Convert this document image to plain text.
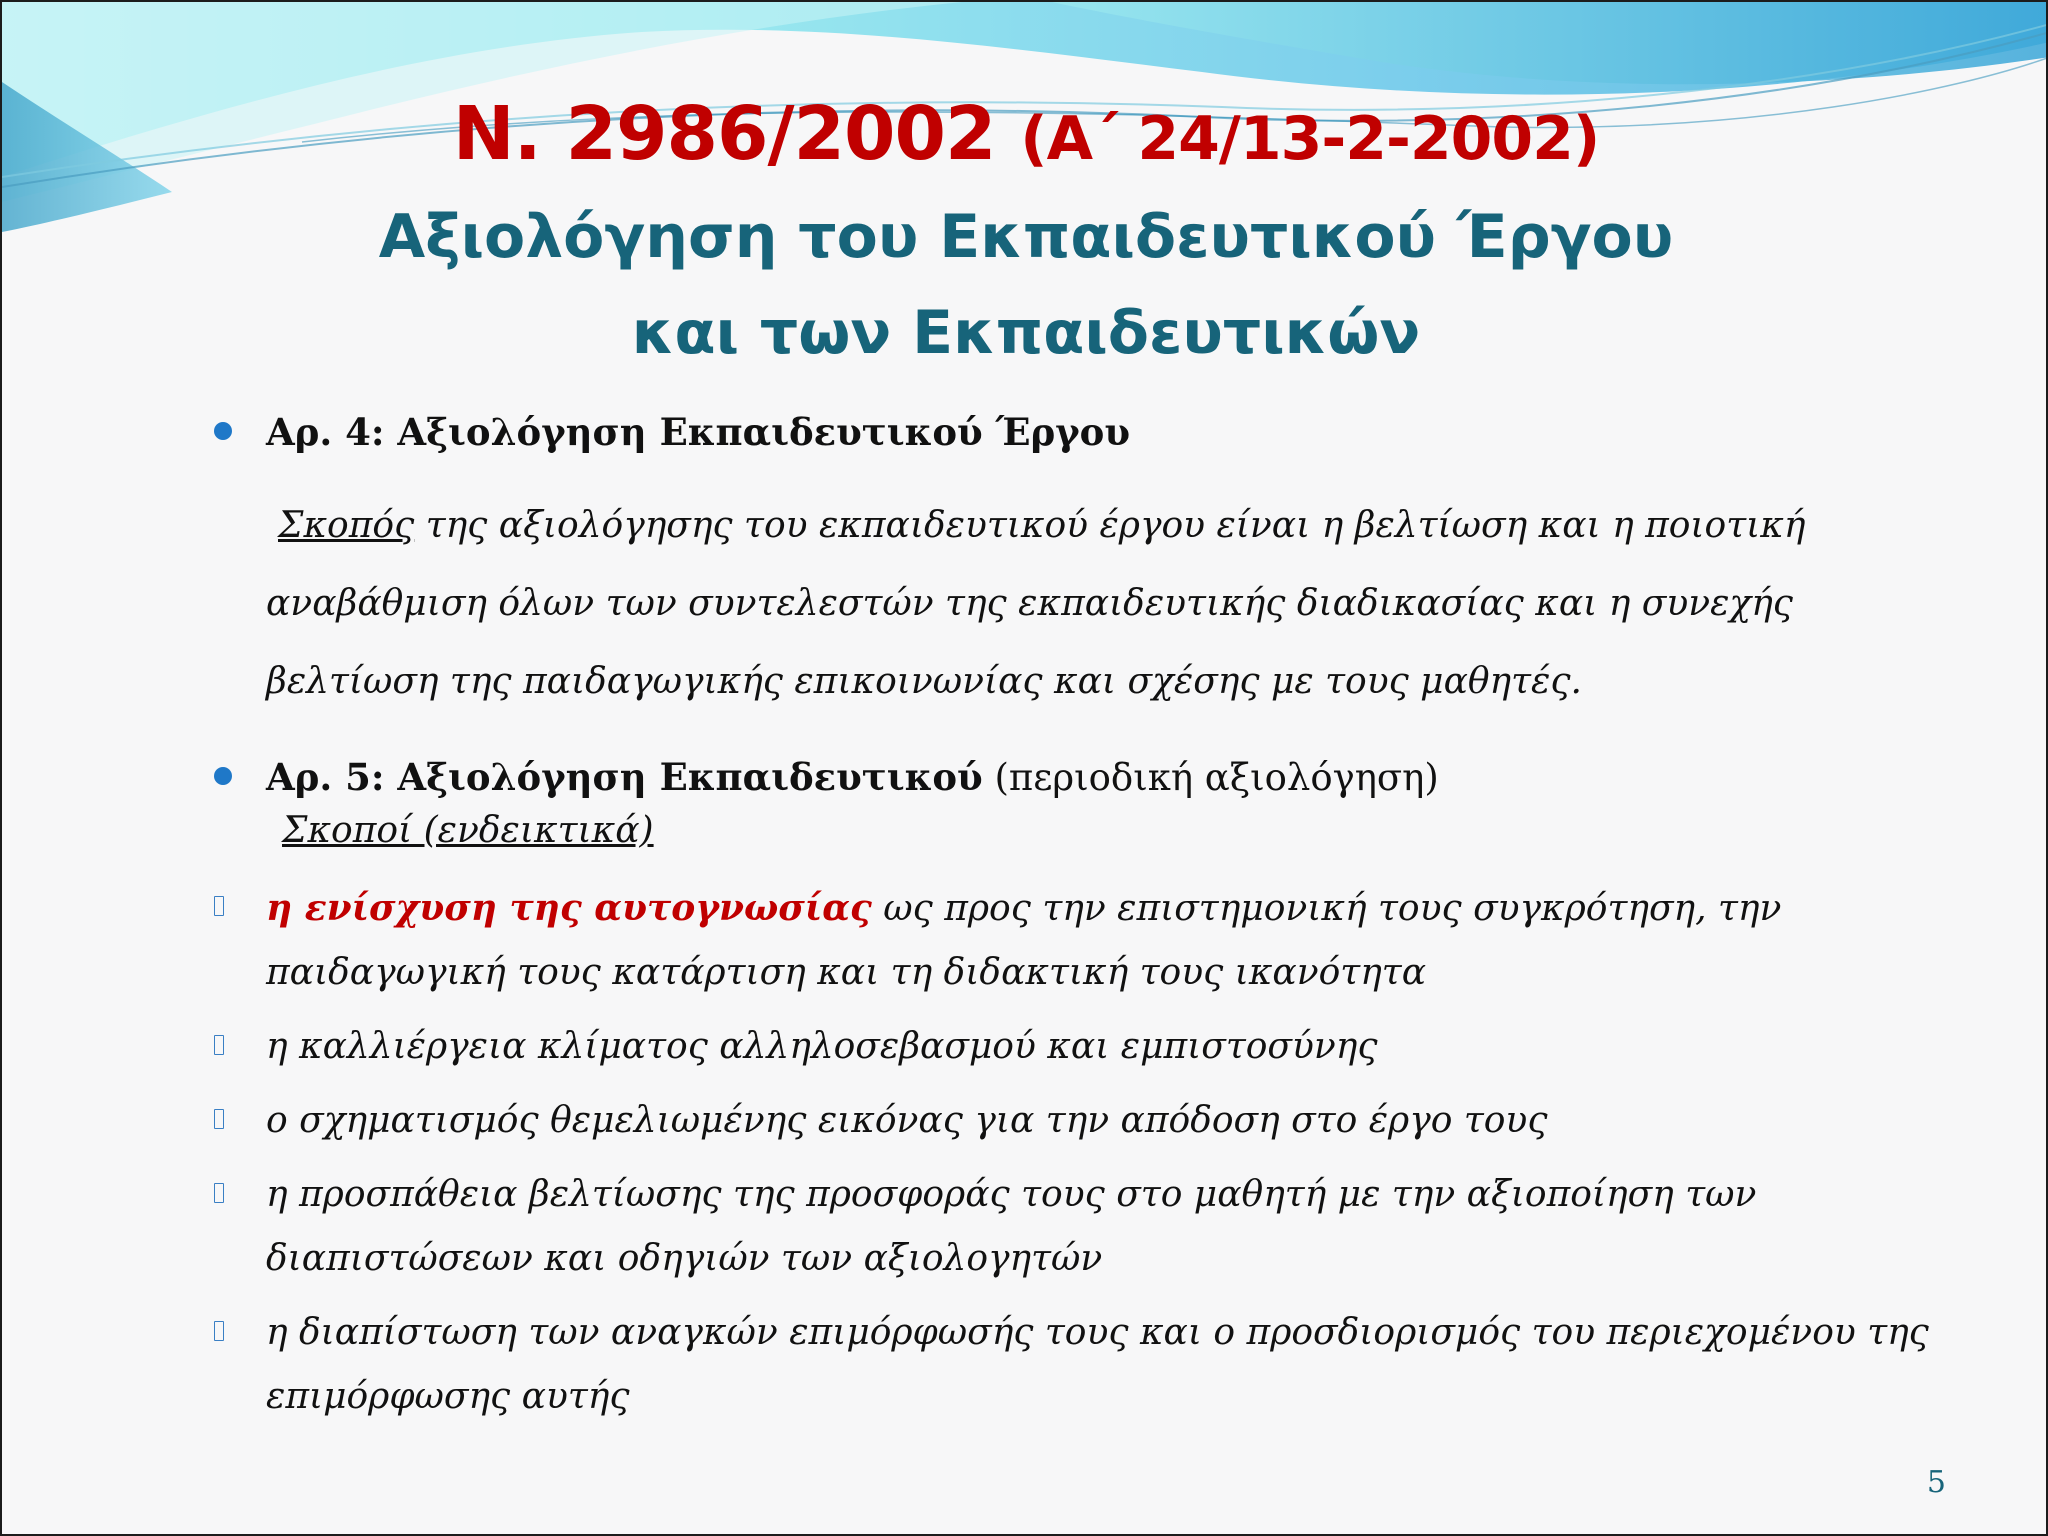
Ν. 2986/2002 (Α΄ 24/13-2-2002)
Αξιολόγηση του Εκπαιδευτικού Έργου
και των Εκπαιδευτικών
Αρ. 4: Αξιολόγηση Εκπαιδευτικού Έργου
Σκοπός της αξιολόγησης του εκπαιδευτικού έργου είναι η βελτίωση και η ποιοτική αναβάθμιση όλων των συντελεστών της εκπαιδευτικής διαδικασίας και η συνεχής βελτίωση της παιδαγωγικής επικοινωνίας και σχέσης με τους μαθητές.
Αρ. 5: Αξιολόγηση Εκπαιδευτικού (περιοδική αξιολόγηση)
Σκοποί (ενδεικτικά)
η ενίσχυση της αυτογνωσίας ως προς την επιστημονική τους συγκρότηση, την παιδαγωγική τους κατάρτιση και τη διδακτική τους ικανότητα
η καλλιέργεια κλίματος αλληλοσεβασμού και εμπιστοσύνης
ο σχηματισμός θεμελιωμένης εικόνας για την απόδοση στο έργο τους
η προσπάθεια βελτίωσης της προσφοράς τους στο μαθητή με την αξιοποίηση των διαπιστώσεων και οδηγιών των αξιολογητών
η διαπίστωση των αναγκών επιμόρφωσής τους και ο προσδιορισμός του περιεχομένου της επιμόρφωσης αυτής
5
